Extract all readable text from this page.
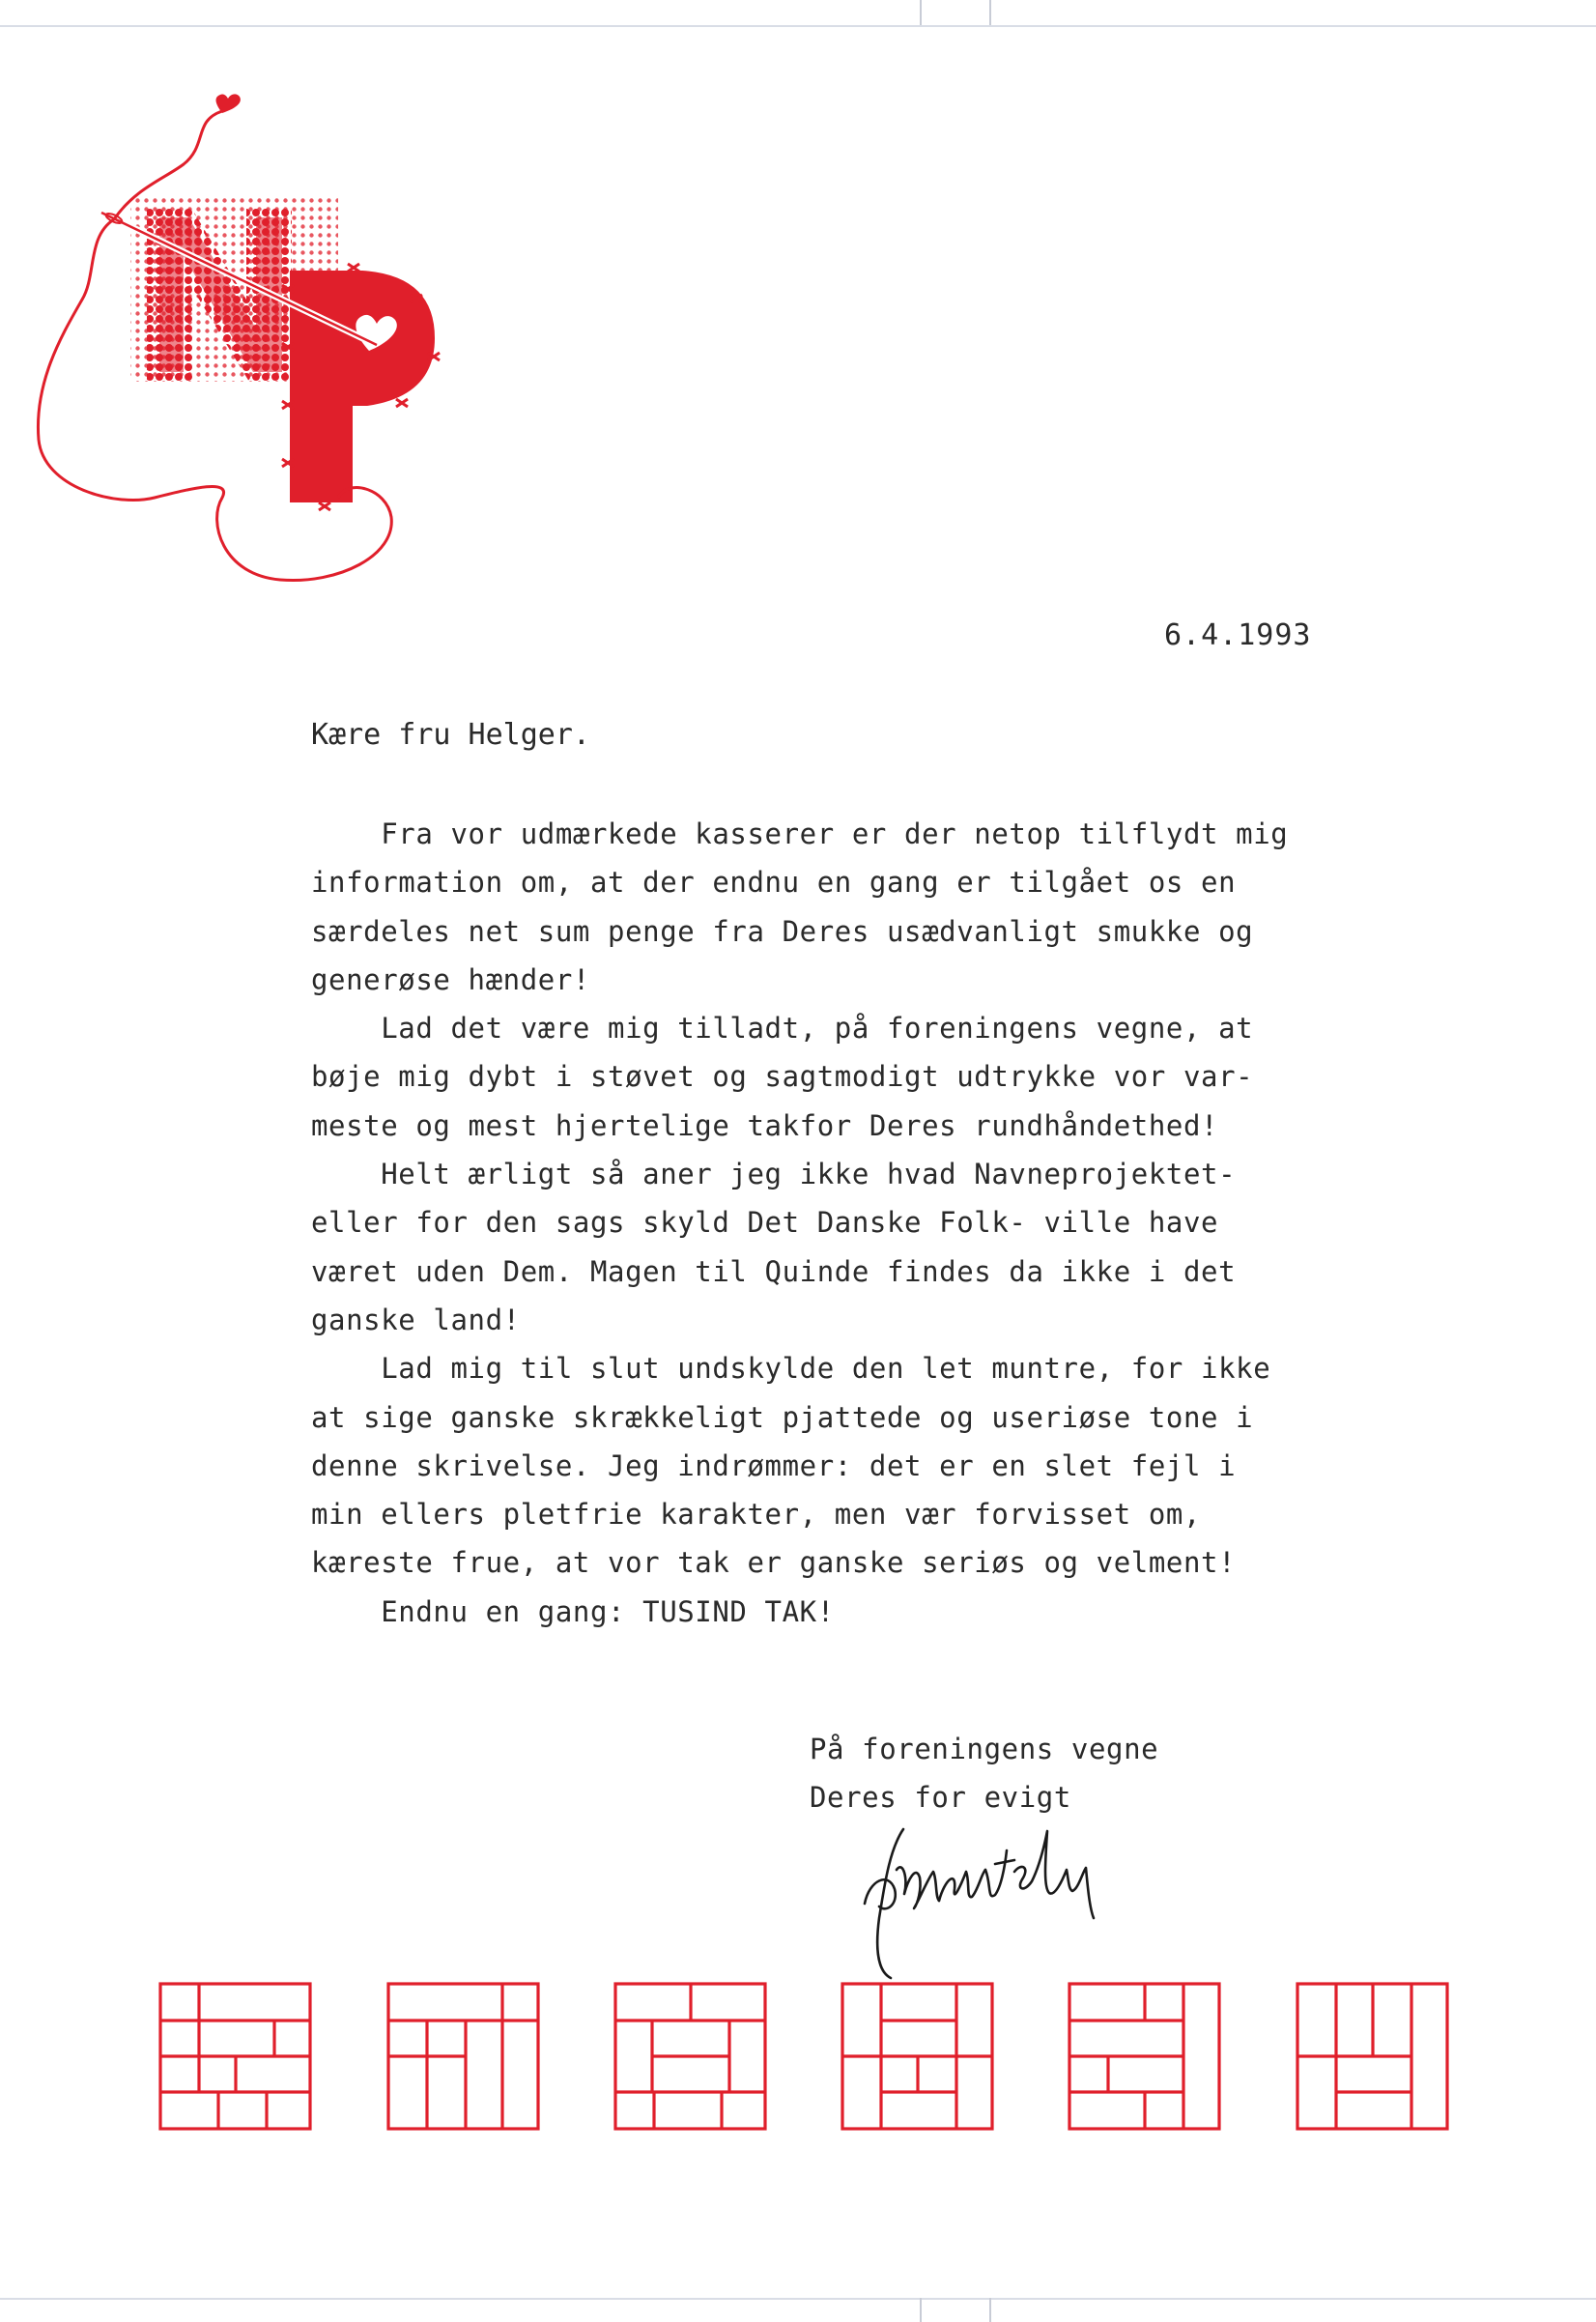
6.4.1993
Kære fru Helger.
Fra vor udmærkede kasserer er der netop tilflydt mig
information om, at der endnu en gang er tilgået os en
særdeles net sum penge fra Deres usædvanligt smukke og
generøse hænder!
Lad det være mig tilladt, på foreningens vegne, at
bøje mig dybt i støvet og sagtmodigt udtrykke vor var-
meste og mest hjertelige takfor Deres rundhåndethed!
Helt ærligt så aner jeg ikke hvad Navneprojektet-
eller for den sags skyld Det Danske Folk- ville have
været uden Dem. Magen til Quinde findes da ikke i det
ganske land!
Lad mig til slut undskylde den let muntre, for ikke
at sige ganske skrækkeligt pjattede og useriøse tone i
denne skrivelse. Jeg indrømmer: det er en slet fejl i
min ellers pletfrie karakter, men vær forvisset om,
kæreste frue, at vor tak er ganske seriøs og velment!
Endnu en gang: TUSIND TAK!
På foreningens vegne
Deres for evigt
